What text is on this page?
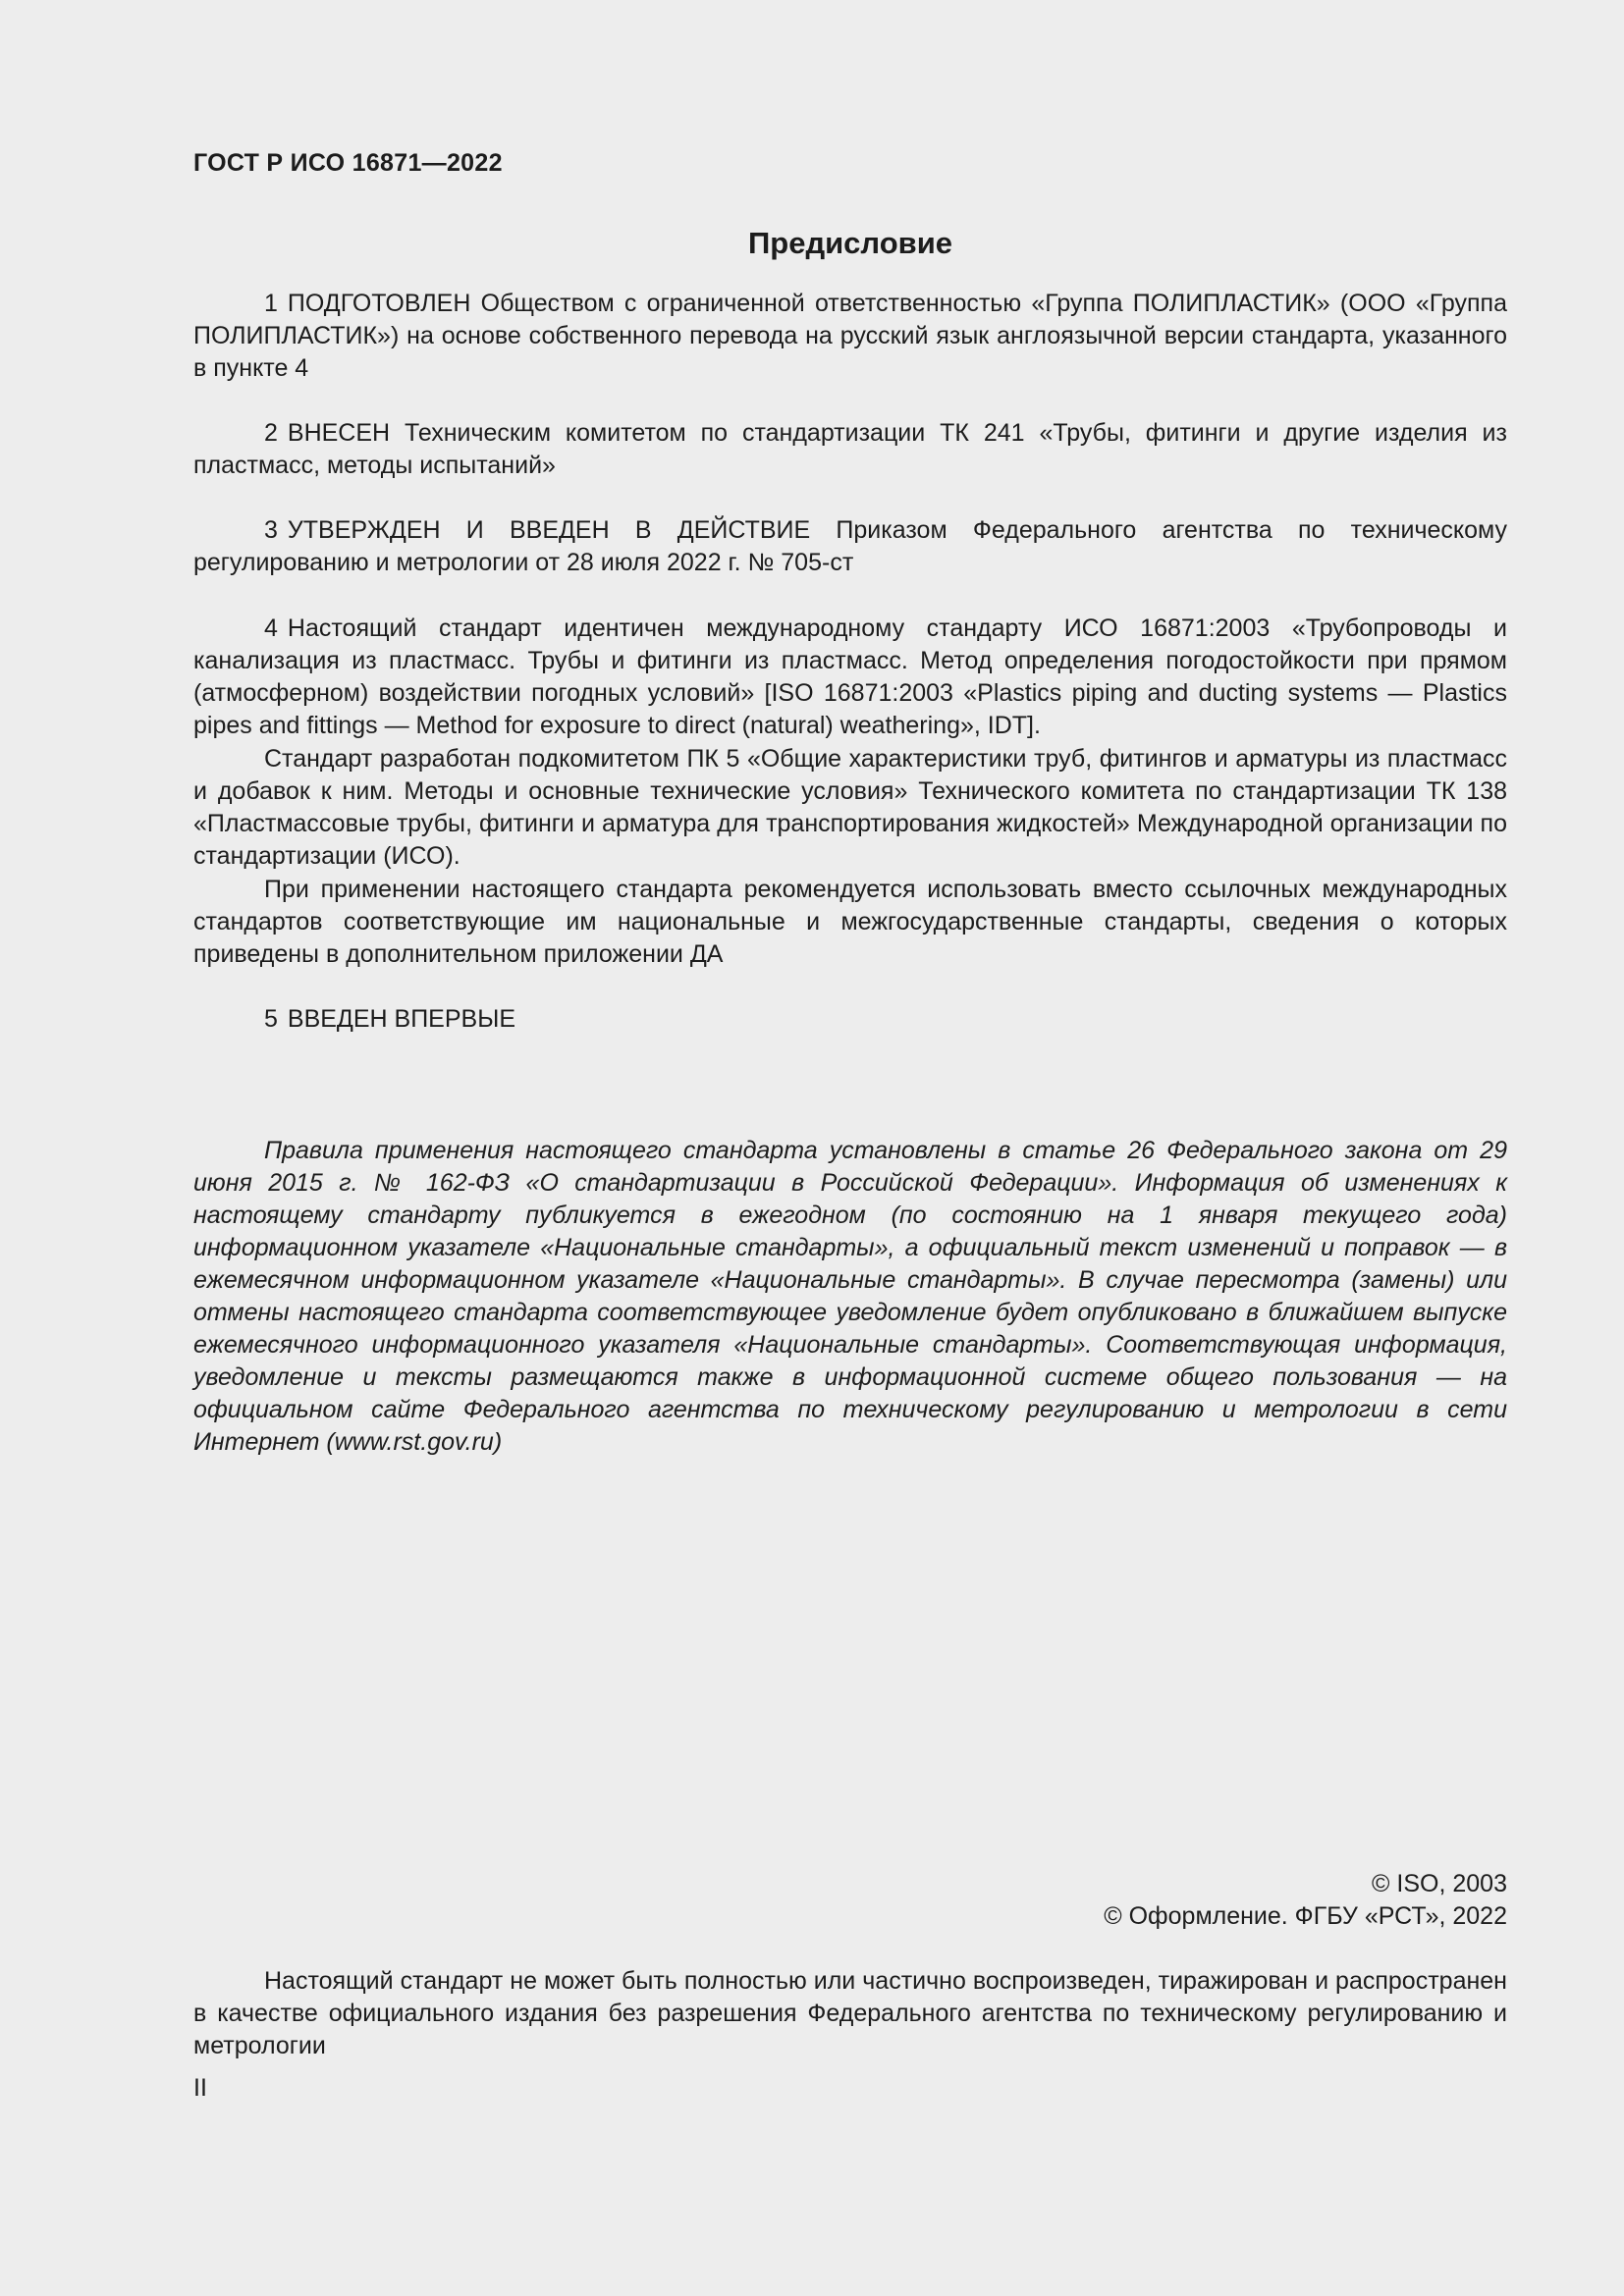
ГОСТ Р ИСО 16871—2022
Предисловие

1 ПОДГОТОВЛЕН Обществом с ограниченной ответственностью «Группа ПОЛИПЛАСТИК» (ООО «Группа ПОЛИПЛАСТИК») на основе собственного перевода на русский язык англоязычной версии стандарта, указанного в пункте 4

2 ВНЕСЕН Техническим комитетом по стандартизации ТК 241 «Трубы, фитинги и другие изделия из пластмасс, методы испытаний»

3 УТВЕРЖДЕН И ВВЕДЕН В ДЕЙСТВИЕ Приказом Федерального агентства по техническому регулированию и метрологии от 28 июля 2022 г. № 705-ст

4 Настоящий стандарт идентичен международному стандарту ИСО 16871:2003 «Трубопроводы и канализация из пластмасс. Трубы и фитинги из пластмасс. Метод определения погодостойкости при прямом (атмосферном) воздействии погодных условий» [ISO 16871:2003 «Plastics piping and ducting systems — Plastics pipes and fittings — Method for exposure to direct (natural) weathering», IDT].

Стандарт разработан подкомитетом ПК 5 «Общие характеристики труб, фитингов и арматуры из пластмасс и добавок к ним. Методы и основные технические условия» Технического комитета по стандартизации ТК 138 «Пластмассовые трубы, фитинги и арматура для транспортирования жидкостей» Международной организации по стандартизации (ИСО).

При применении настоящего стандарта рекомендуется использовать вместо ссылочных международных стандартов соответствующие им национальные и межгосударственные стандарты, сведения о которых приведены в дополнительном приложении ДА

5 ВВЕДЕН ВПЕРВЫЕ

Правила применения настоящего стандарта установлены в статье 26 Федерального закона от 29 июня 2015 г. № 162-ФЗ «О стандартизации в Российской Федерации». Информация об изменениях к настоящему стандарту публикуется в ежегодном (по состоянию на 1 января текущего года) информационном указателе «Национальные стандарты», а официальный текст изменений и поправок — в ежемесячном информационном указателе «Национальные стандарты». В случае пересмотра (замены) или отмены настоящего стандарта соответствующее уведомление будет опубликовано в ближайшем выпуске ежемесячного информационного указателя «Национальные стандарты». Соответствующая информация, уведомление и тексты размещаются также в информационной системе общего пользования — на официальном сайте Федерального агентства по техническому регулированию и метрологии в сети Интернет (www.rst.gov.ru)

© ISO, 2003
© Оформление. ФГБУ «РСТ», 2022

Настоящий стандарт не может быть полностью или частично воспроизведен, тиражирован и распространен в качестве официального издания без разрешения Федерального агентства по техническому регулированию и метрологии

II
